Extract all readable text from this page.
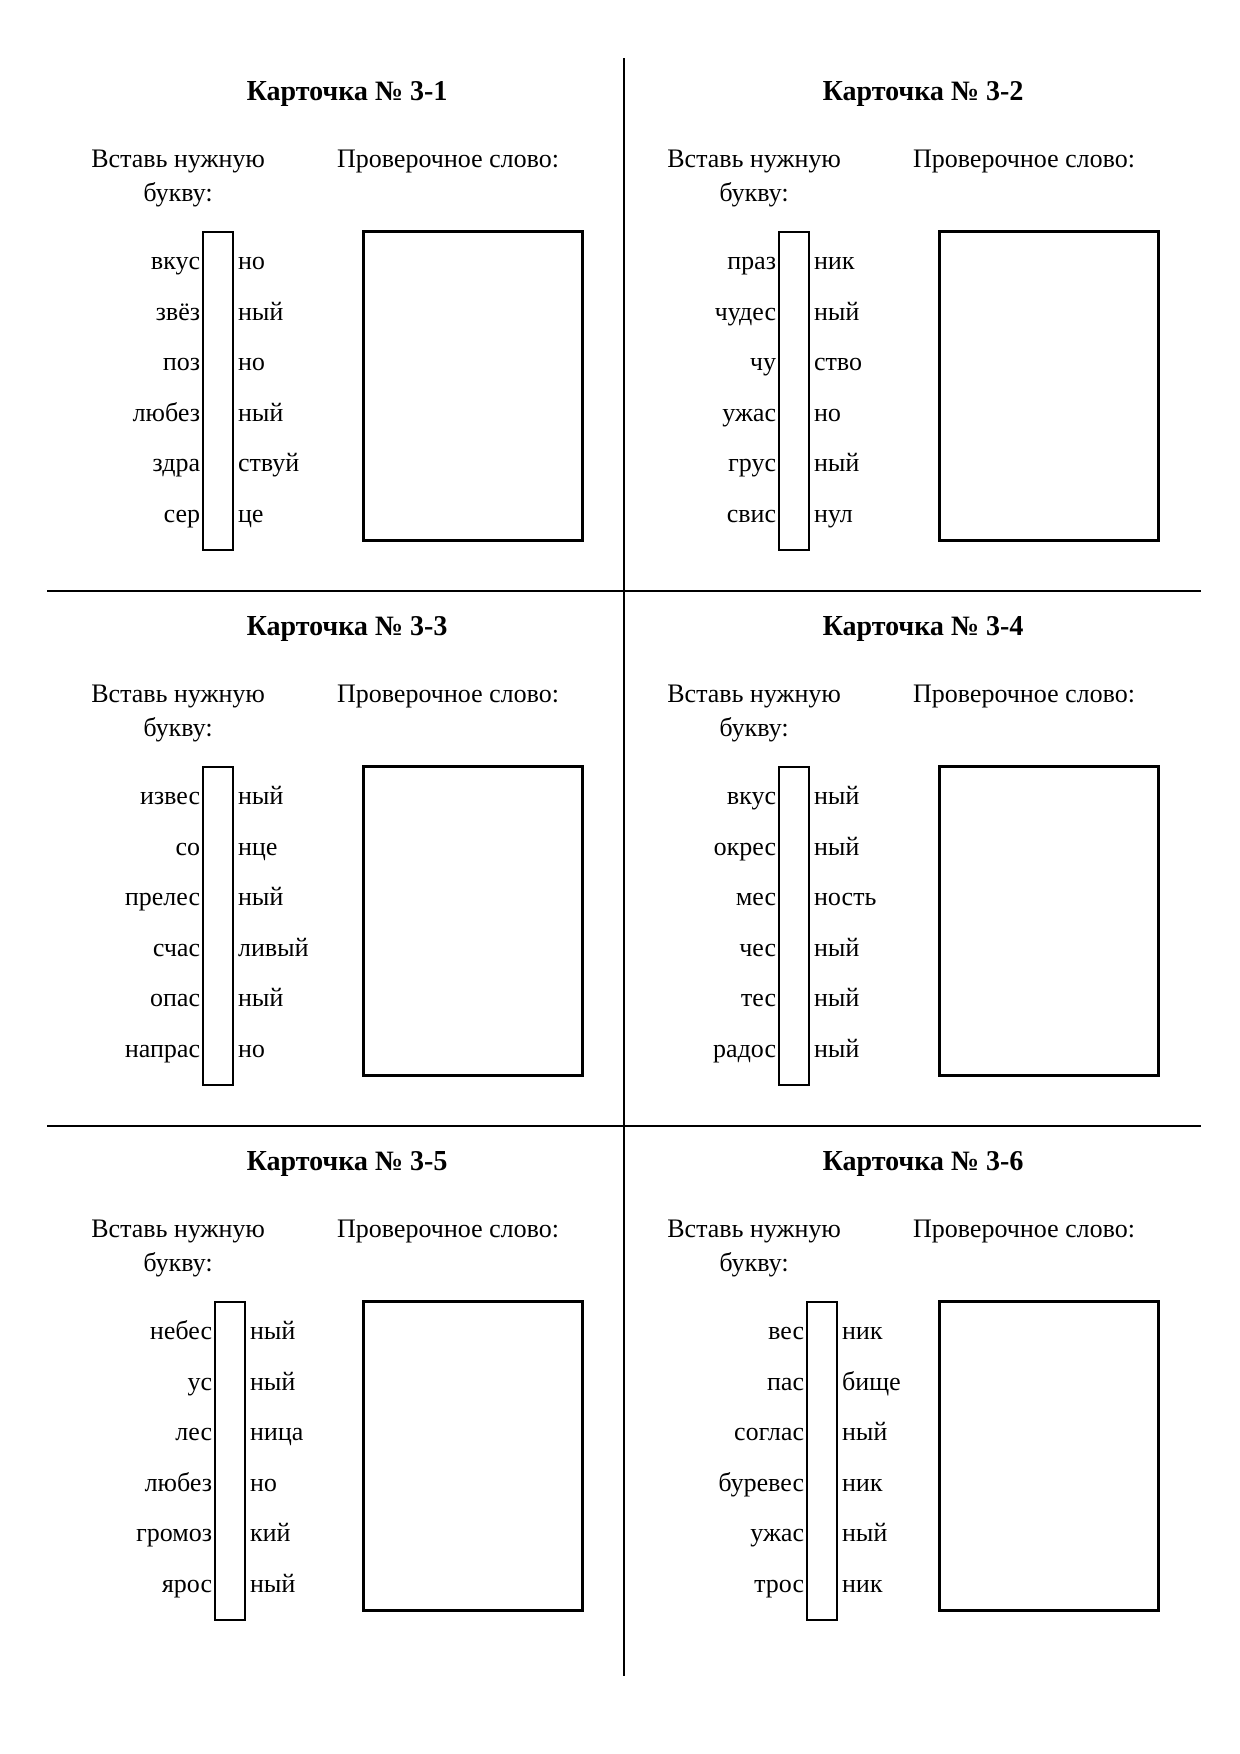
Карточка № 3-1
Вставь нужную букву:
Проверочное слово:
вкус но
звёз ный
поз но
любез ный
здра ствуй
сер це
Карточка № 3-2
Вставь нужную букву:
Проверочное слово:
праз ник
чудес ный
чу ство
ужас но
грус ный
свис нул
Карточка № 3-3
Вставь нужную букву:
Проверочное слово:
извес ный
со нце
прелес ный
счас ливый
опас ный
напрас но
Карточка № 3-4
Вставь нужную букву:
Проверочное слово:
вкус ный
окрес ный
мес ность
чес ный
тес ный
радос ный
Карточка № 3-5
Вставь нужную букву:
Проверочное слово:
небес ный
ус ный
лес ница
любез но
громоз кий
ярос ный
Карточка № 3-6
Вставь нужную букву:
Проверочное слово:
вес ник
пас бище
соглас ный
буревес ник
ужас ный
трос ник
